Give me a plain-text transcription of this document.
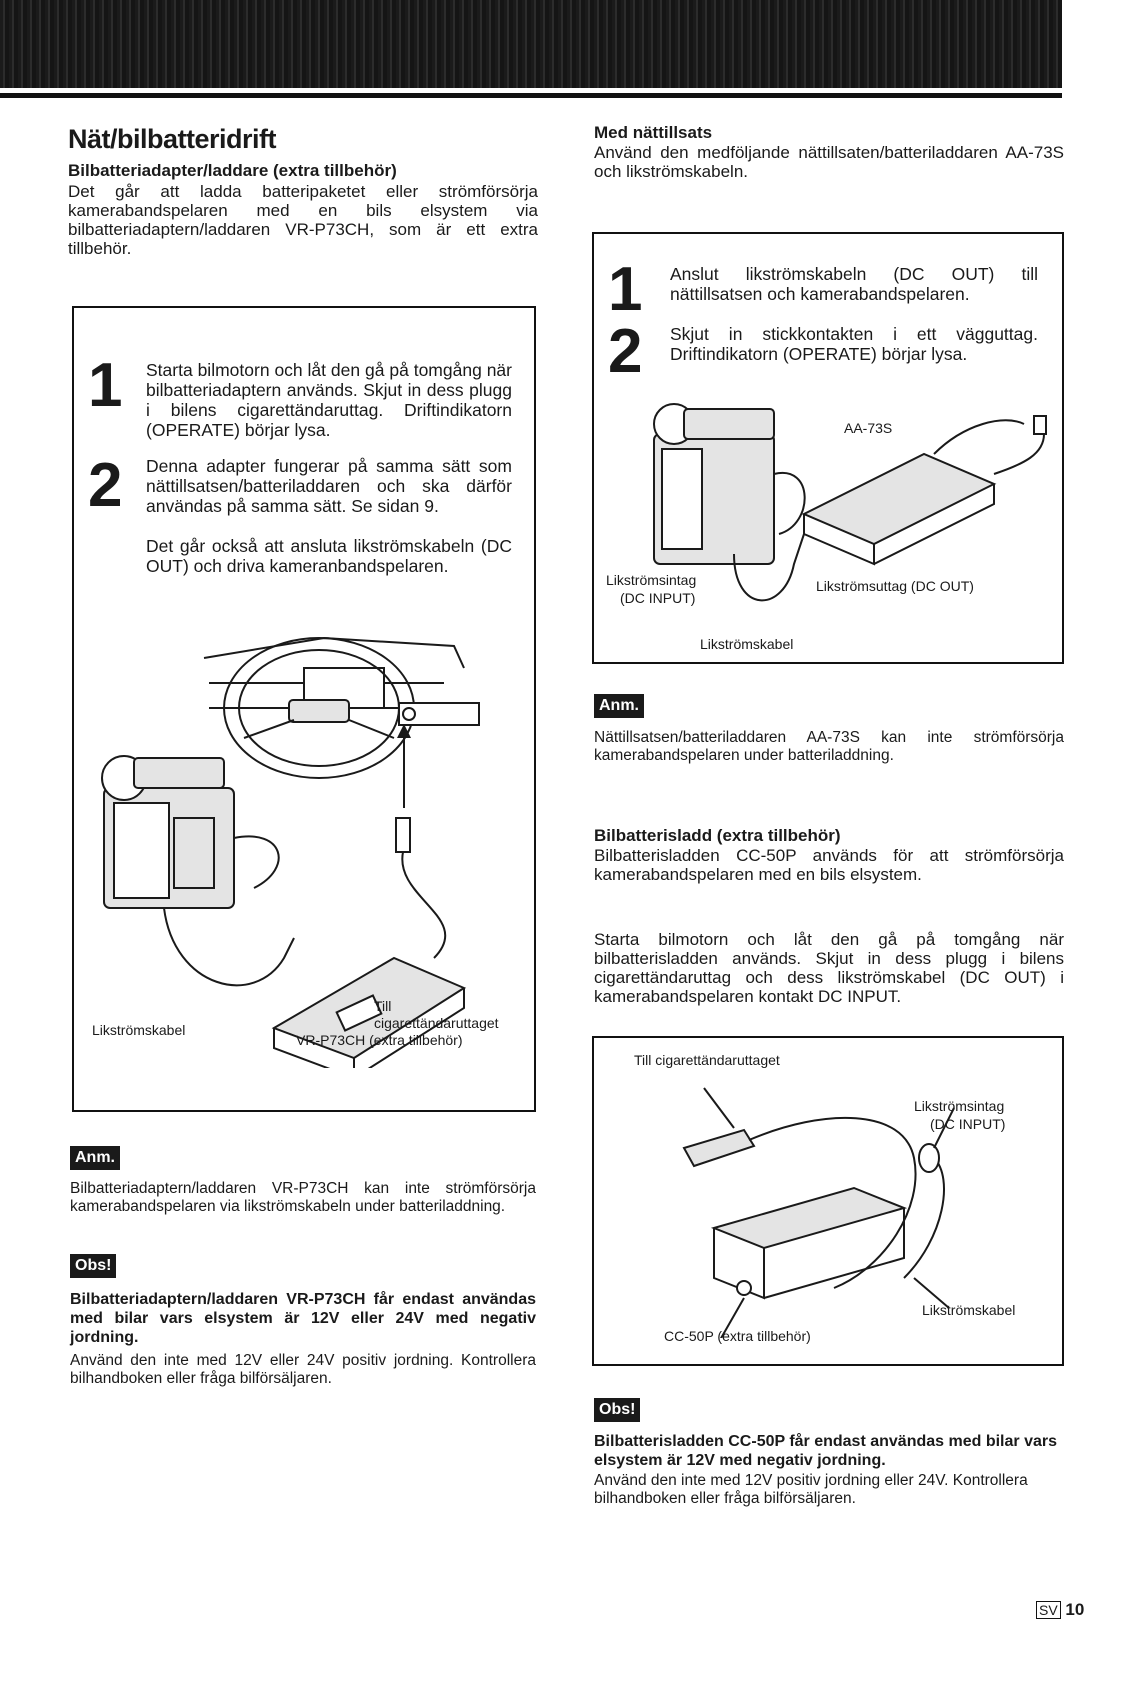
Nät/bilbatteridrift
Bilbatteriadapter/laddare (extra tillbehör)
Det går att ladda batteripaketet eller strömförsörja kamerabandspelaren med en bils elsystem via bilbatteriadaptern/laddaren VR-P73CH, som är ett extra tillbehör.
1 Starta bilmotorn och låt den gå på tomgång när bilbatteriadaptern används. Skjut in dess plugg i bilens cigarettändaruttag. Driftindikatorn (OPERATE) börjar lysa.
2 Denna adapter fungerar på samma sätt som nättillsatsen/batteriladdaren och ska därför användas på samma sätt. Se sidan 9.
Det går också att ansluta likströmskabeln (DC OUT) och driva kameranbandspelaren.
Till
cigarettändaruttaget
Likströmskabel
VR-P73CH (extra tillbehör)
Anm.
Bilbatteriadaptern/laddaren VR-P73CH kan inte strömförsörja kamerabandspelaren via likströmskabeln under batteriladdning.
Obs!
Bilbatteriadaptern/laddaren VR-P73CH får endast användas med bilar vars elsystem är 12V eller 24V med negativ jordning.
Använd den inte med 12V eller 24V positiv jordning. Kontrollera bilhandboken eller fråga bilförsäljaren.
Med nättillsats
Använd den medföljande nättillsaten/batteriladdaren AA-73S och likströmskabeln.
1 Anslut likströmskabeln (DC OUT) till nättillsatsen och kamerabandspelaren.
2 Skjut in stickkontakten i ett vägguttag. Driftindikatorn (OPERATE) börjar lysa.
AA-73S
Likströmsintag
(DC INPUT)
Likströmsuttag (DC OUT)
Likströmskabel
Anm.
Nättillsatsen/batteriladdaren AA-73S kan inte strömförsörja kamerabandspelaren under batteriladdning.
Bilbatterisladd (extra tillbehör)
Bilbatterisladden CC-50P används för att strömförsörja kamerabandspelaren med en bils elsystem.
Starta bilmotorn och låt den gå på tomgång när bilbatterisladden används. Skjut in dess plugg i bilens cigarettändaruttag och dess likströmskabel (DC OUT) i kamerabandspelaren kontakt DC INPUT.
Till cigarettändaruttaget
Likströmsintag
(DC INPUT)
Likströmskabel
CC-50P (extra tillbehör)
Obs!
Bilbatterisladden CC-50P får endast användas med bilar vars elsystem är 12V med negativ jordning.
Använd den inte med 12V positiv jordning eller 24V. Kontrollera bilhandboken eller fråga bilförsäljaren.
SV 10
